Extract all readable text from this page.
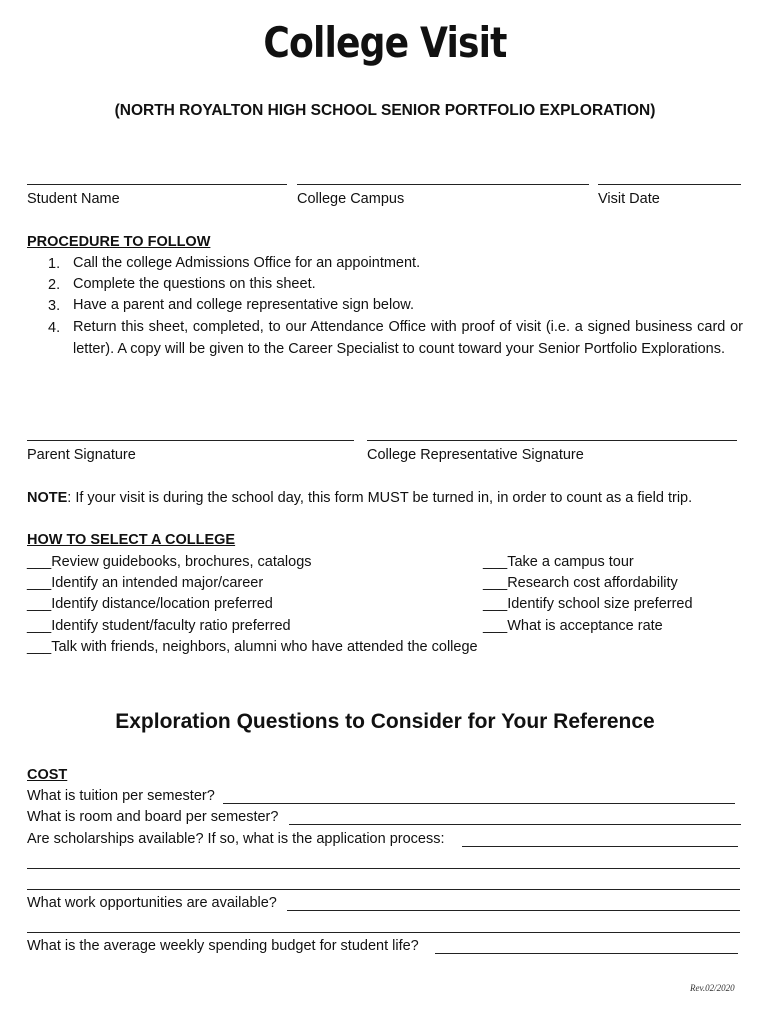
College Visit
(NORTH ROYALTON HIGH SCHOOL SENIOR PORTFOLIO EXPLORATION)
Student Name	College Campus	Visit Date
PROCEDURE TO FOLLOW
1. Call the college Admissions Office for an appointment.
2. Complete the questions on this sheet.
3. Have a parent and college representative sign below.
4. Return this sheet, completed, to our Attendance Office with proof of visit (i.e. a signed business card or letter). A copy will be given to the Career Specialist to count toward your Senior Portfolio Explorations.
Parent Signature	College Representative Signature
NOTE: If your visit is during the school day, this form MUST be turned in, in order to count as a field trip.
HOW TO SELECT A COLLEGE
___Review guidebooks, brochures, catalogs
___Identify an intended major/career
___Identify distance/location preferred
___Identify student/faculty ratio preferred
___Talk with friends, neighbors, alumni who have attended the college
___Take a campus tour
___Research cost affordability
___Identify school size preferred
___What is acceptance rate
Exploration Questions to Consider for Your Reference
COST
What is tuition per semester?
What is room and board per semester?
Are scholarships available? If so, what is the application process:
What work opportunities are available?
What is the average weekly spending budget for student life?
Rev.02/2020
